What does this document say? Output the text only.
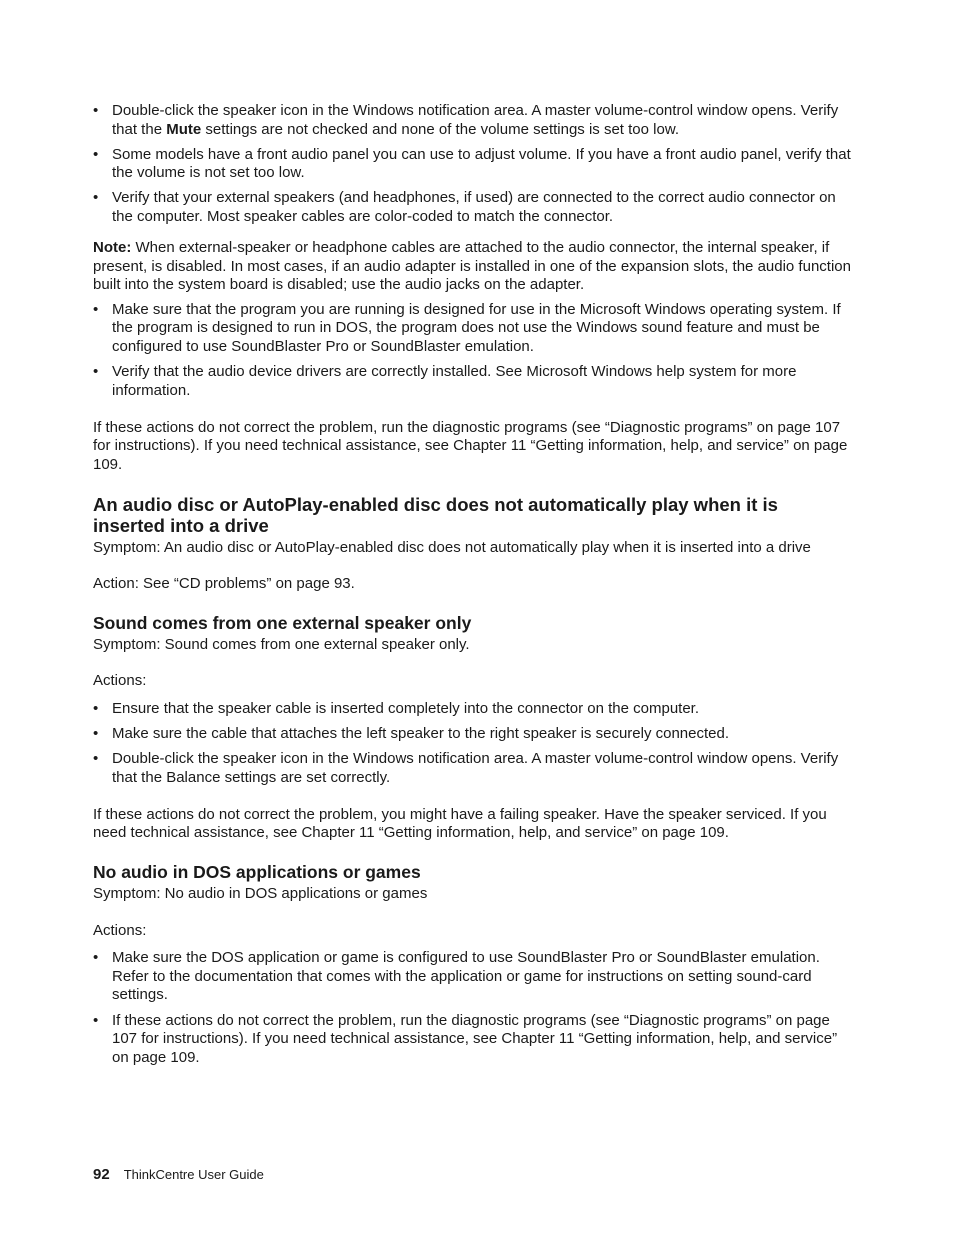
• Double-click the speaker icon in the Windows notification area. A master volume-control window opens. Verify that the Mute settings are not checked and none of the volume settings is set too low.
• Some models have a front audio panel you can use to adjust volume. If you have a front audio panel, verify that the volume is not set too low.
• Verify that your external speakers (and headphones, if used) are connected to the correct audio connector on the computer. Most speaker cables are color-coded to match the connector.

Note: When external-speaker or headphone cables are attached to the audio connector, the internal speaker, if present, is disabled. In most cases, if an audio adapter is installed in one of the expansion slots, the audio function built into the system board is disabled; use the audio jacks on the adapter.

• Make sure that the program you are running is designed for use in the Microsoft Windows operating system. If the program is designed to run in DOS, the program does not use the Windows sound feature and must be configured to use SoundBlaster Pro or SoundBlaster emulation.
• Verify that the audio device drivers are correctly installed. See Microsoft Windows help system for more information.

If these actions do not correct the problem, run the diagnostic programs (see “Diagnostic programs” on page 107 for instructions). If you need technical assistance, see Chapter 11 “Getting information, help, and service” on page 109.

An audio disc or AutoPlay-enabled disc does not automatically play when it is inserted into a drive

Symptom: An audio disc or AutoPlay-enabled disc does not automatically play when it is inserted into a drive

Action: See “CD problems” on page 93.

Sound comes from one external speaker only

Symptom: Sound comes from one external speaker only.

Actions:

• Ensure that the speaker cable is inserted completely into the connector on the computer.
• Make sure the cable that attaches the left speaker to the right speaker is securely connected.
• Double-click the speaker icon in the Windows notification area. A master volume-control window opens. Verify that the Balance settings are set correctly.

If these actions do not correct the problem, you might have a failing speaker. Have the speaker serviced. If you need technical assistance, see Chapter 11 “Getting information, help, and service” on page 109.

No audio in DOS applications or games

Symptom: No audio in DOS applications or games

Actions:

• Make sure the DOS application or game is configured to use SoundBlaster Pro or SoundBlaster emulation. Refer to the documentation that comes with the application or game for instructions on setting sound-card settings.
• If these actions do not correct the problem, run the diagnostic programs (see “Diagnostic programs” on page 107 for instructions). If you need technical assistance, see Chapter 11 “Getting information, help, and service” on page 109.
92 ThinkCentre User Guide
